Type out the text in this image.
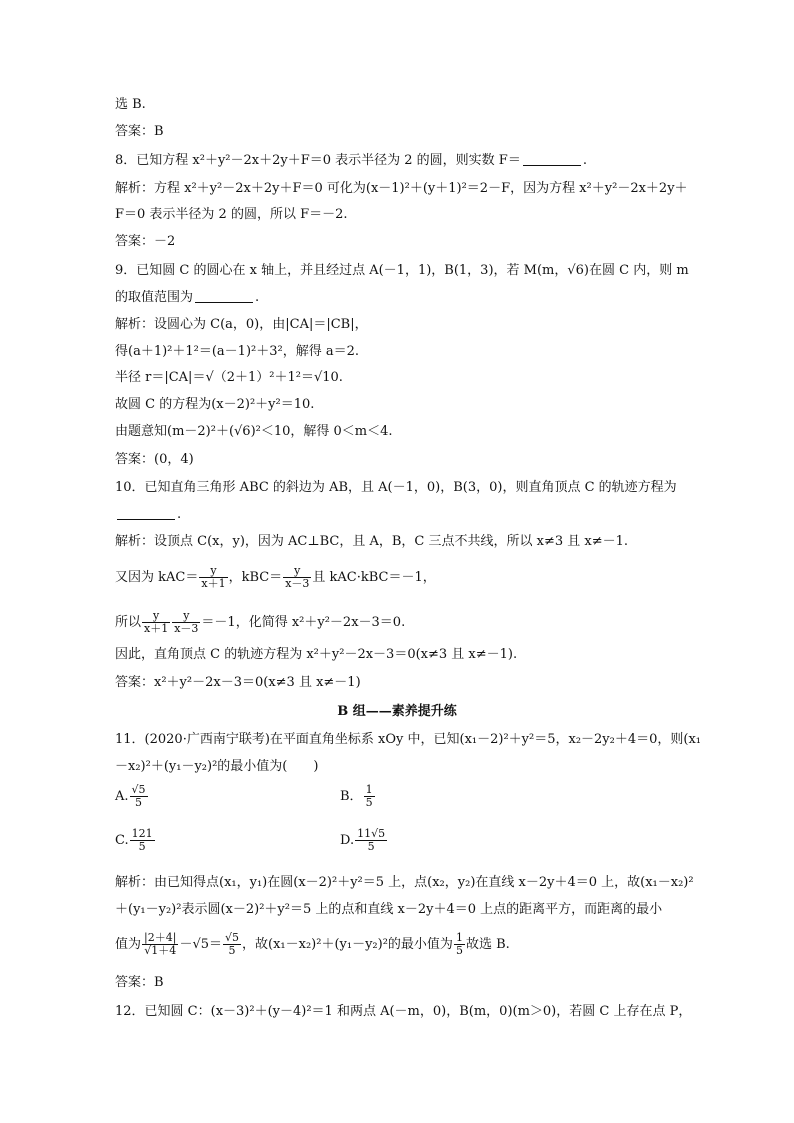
选 B.
答案：B
8．已知方程 x²＋y²－2x＋2y＋F＝0 表示半径为 2 的圆，则实数 F＝	.
解析：方程 x²＋y²－2x＋2y＋F＝0 可化为(x－1)²＋(y＋1)²＝2－F，因为方程 x²＋y²－2x＋2y＋
F＝0 表示半径为 2 的圆，所以 F＝－2.
答案：－2
9．已知圆 C 的圆心在 x 轴上，并且经过点 A(－1，1)，B(1，3)，若 M(m，√6)在圆 C 内，则 m
的取值范围为	.
解析：设圆心为 C(a，0)，由|CA|＝|CB|，
得(a＋1)²＋1²＝(a－1)²＋3²，解得 a＝2.
半径 r＝|CA|＝√（2＋1）²＋1²＝√10.
故圆 C 的方程为(x－2)²＋y²＝10.
由题意知(m－2)²＋(√6)²＜10，解得 0＜m＜4.
答案：(0，4)
10．已知直角三角形 ABC 的斜边为 AB，且 A(－1，0)，B(3，0)，则直角顶点 C 的轨迹方程为
.
解析：设顶点 C(x，y)，因为 AC⊥BC，且 A，B，C 三点不共线，所以 x≠3 且 x≠－1.
又因为 $kAC= \frac{y}{x+1}$ ，$kBC= \frac{y}{x-3}$ 且 kAC·kBC＝－1，
所以 $\frac{y}{x+1} \frac{y}{x-3} =-1$，化简得 x²＋y²－2x－3＝0.
因此，直角顶点 C 的轨迹方程为 x²＋y²－2x－3＝0(x≠3 且 x≠－1).
答案：x²＋y²－2x－3＝0(x≠3 且 x≠－1)
B 组——素养提升练
11．(2020·广西南宁联考)在平面直角坐标系 xOy 中，已知(x₁－2)²＋y²＝5，x₂－2y₂＋4＝0，则(x₁
－x₂)²＋(y₁－y₂)²的最小值为(　　)
A. $\frac{√5}{5}$	B． $\frac{1}{5}$
C. $\frac{121}{5}$	D. $\frac{11√5}{5}$
解析：由已知得点(x₁，y₁)在圆(x－2)²＋y²＝5 上，点(x₂，y₂)在直线 x－2y＋4＝0 上，故(x₁－x₂)²
＋(y₁－y₂)²表示圆(x－2)²＋y²＝5 上的点和直线 x－2y＋4＝0 上点的距离平方，而距离的最小
值为 $\frac{|2+4|}{√1+4} -√5= \frac{√5}{5}$ ，故(x₁－x₂)²＋(y₁－y₂)²的最小值为 $\frac{1}{5}$ 故选 B.
答案：B
12．已知圆 C：(x－3)²＋(y－4)²＝1 和两点 A(－m，0)，B(m，0)(m＞0)，若圆 C 上存在点 P，
